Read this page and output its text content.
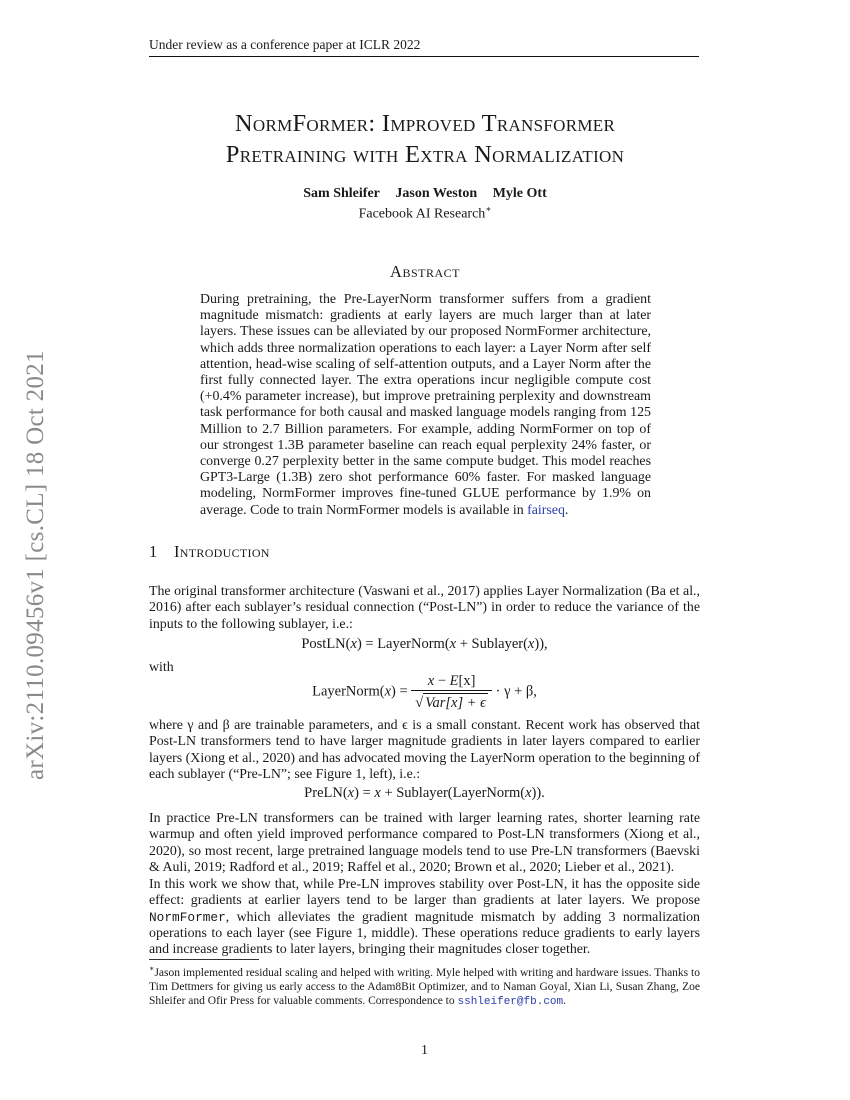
Under review as a conference paper at ICLR 2022
arXiv:2110.09456v1 [cs.CL] 18 Oct 2021
NormFormer: Improved Transformer
Pretraining with Extra Normalization
Sam Shleifer Jason Weston Myle Ott
Facebook AI Research∗
Abstract
During pretraining, the Pre-LayerNorm transformer suffers from a gradient magnitude mismatch: gradients at early layers are much larger than at later layers. These issues can be alleviated by our proposed NormFormer architecture, which adds three normalization operations to each layer: a Layer Norm after self attention, head-wise scaling of self-attention outputs, and a Layer Norm after the first fully connected layer. The extra operations incur negligible compute cost (+0.4% parameter increase), but improve pretraining perplexity and downstream task performance for both causal and masked language models ranging from 125 Million to 2.7 Billion parameters. For example, adding NormFormer on top of our strongest 1.3B parameter baseline can reach equal perplexity 24% faster, or converge 0.27 perplexity better in the same compute budget. This model reaches GPT3-Large (1.3B) zero shot performance 60% faster. For masked language modeling, NormFormer improves fine-tuned GLUE performance by 1.9% on average. Code to train NormFormer models is available in fairseq.
1 Introduction
The original transformer architecture (Vaswani et al., 2017) applies Layer Normalization (Ba et al., 2016) after each sublayer’s residual connection (“Post-LN”) in order to reduce the variance of the inputs to the following sublayer, i.e.:
PostLN(x) = LayerNorm(x + Sublayer(x)),
with
LayerNorm(x) = $\frac{x - E[x]}{\text{√ Var[x] + ϵ}} \cdot \gamma + \beta$,
where γ and β are trainable parameters, and ϵ is a small constant. Recent work has observed that Post-LN transformers tend to have larger magnitude gradients in later layers compared to earlier layers (Xiong et al., 2020) and has advocated moving the LayerNorm operation to the beginning of each sublayer (“Pre-LN”; see Figure 1, left), i.e.:
PreLN(x) = x + Sublayer(LayerNorm(x)).
In practice Pre-LN transformers can be trained with larger learning rates, shorter learning rate warmup and often yield improved performance compared to Post-LN transformers (Xiong et al., 2020), so most recent, large pretrained language models tend to use Pre-LN transformers (Baevski & Auli, 2019; Radford et al., 2019; Raffel et al., 2020; Brown et al., 2020; Lieber et al., 2021).
In this work we show that, while Pre-LN improves stability over Post-LN, it has the opposite side effect: gradients at earlier layers tend to be larger than gradients at later layers. We propose NormFormer, which alleviates the gradient magnitude mismatch by adding 3 normalization operations to each layer (see Figure 1, middle). These operations reduce gradients to early layers and increase gradients to later layers, bringing their magnitudes closer together.
∗Jason implemented residual scaling and helped with writing. Myle helped with writing and hardware issues. Thanks to Tim Dettmers for giving us early access to the Adam8Bit Optimizer, and to Naman Goyal, Xian Li, Susan Zhang, Zoe Shleifer and Ofir Press for valuable comments. Correspondence to sshleifer@fb.com.
1
